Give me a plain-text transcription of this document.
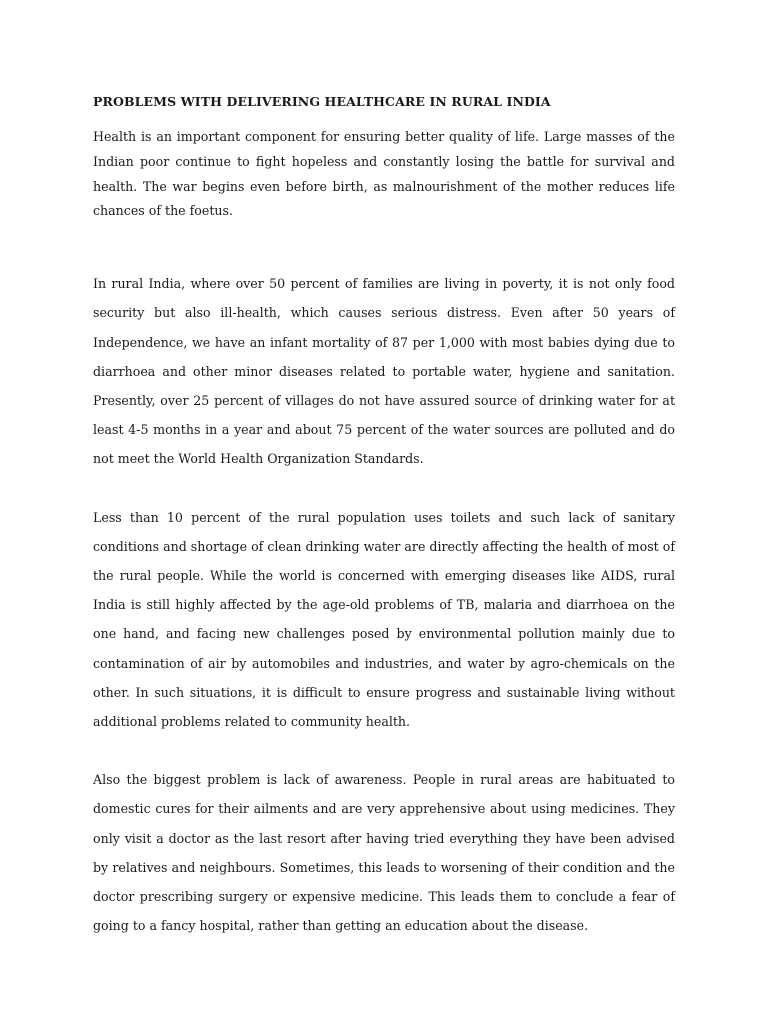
PROBLEMS WITH DELIVERING HEALTHCARE IN RURAL INDIA

Health is an important component for ensuring better quality of life. Large masses of the Indian poor continue to fight hopeless and constantly losing the battle for survival and health. The war begins even before birth, as malnourishment of the mother reduces life chances of the foetus.

In rural India, where over 50 percent of families are living in poverty, it is not only food security but also ill-health, which causes serious distress. Even after 50 years of Independence, we have an infant mortality of 87 per 1,000 with most babies dying due to diarrhoea and other minor diseases related to portable water, hygiene and sanitation. Presently, over 25 percent of villages do not have assured source of drinking water for at least 4-5 months in a year and about 75 percent of the water sources are polluted and do not meet the World Health Organization Standards.

Less than 10 percent of the rural population uses toilets and such lack of sanitary conditions and shortage of clean drinking water are directly affecting the health of most of the rural people. While the world is concerned with emerging diseases like AIDS, rural India is still highly affected by the age-old problems of TB, malaria and diarrhoea on the one hand, and facing new challenges posed by environmental pollution mainly due to contamination of air by automobiles and industries, and water by agro-chemicals on the other. In such situations, it is difficult to ensure progress and sustainable living without additional problems related to community health.

Also the biggest problem is lack of awareness. People in rural areas are habituated to domestic cures for their ailments and are very apprehensive about using medicines. They only visit a doctor as the last resort after having tried everything they have been advised by relatives and neighbours. Sometimes, this leads to worsening of their condition and the doctor prescribing surgery or expensive medicine. This leads them to conclude a fear of going to a fancy hospital, rather than getting an education about the disease.
